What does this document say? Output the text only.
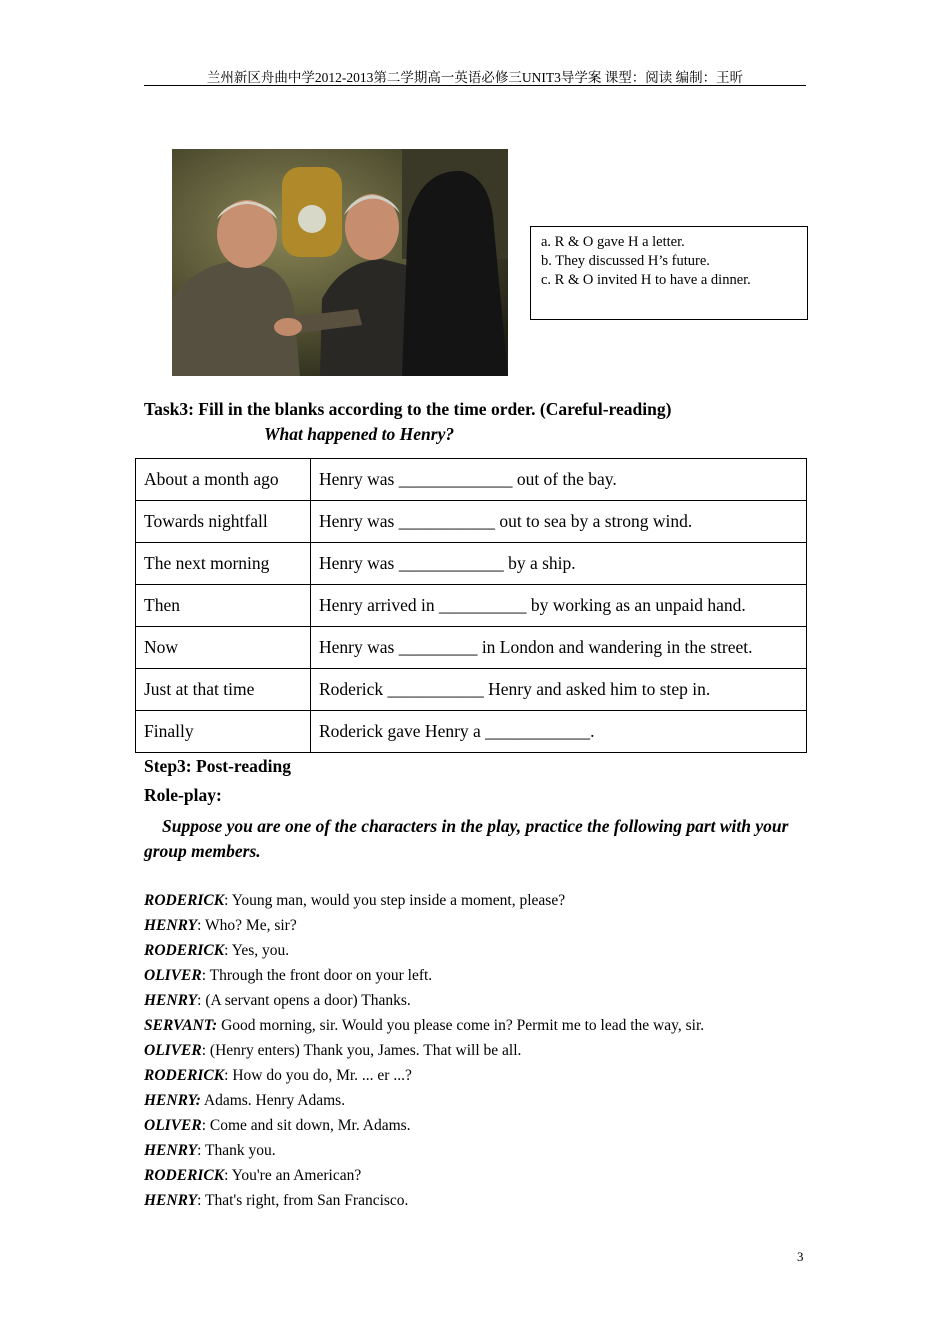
兰州新区舟曲中学2012-2013第二学期高一英语必修三UNIT3导学案 课型：阅读 编制：王昕
a. R & O gave H a letter.
b. They discussed H’s future.
c. R & O invited H to have a dinner.
Task3: Fill in the blanks according to the time order. (Careful-reading)
What happened to Henry?
About a month ago	Henry was _____________ out of the bay.
Towards nightfall	Henry was ___________ out to sea by a strong wind.
The next morning	Henry was ____________ by a ship.
Then	Henry arrived in __________ by working as an unpaid hand.
Now	Henry was _________ in London and wandering in the street.
Just at that time	Roderick ___________ Henry and asked him to step in.
Finally	Roderick gave Henry a ____________.
Step3: Post-reading
Role-play:
Suppose you are one of the characters in the play, practice the following part with your group members.
RODERICK: Young man, would you step inside a moment, please?
HENRY: Who? Me, sir?
RODERICK: Yes, you.
OLIVER: Through the front door on your left.
HENRY: (A servant opens a door) Thanks.
SERVANT: Good morning, sir. Would you please come in? Permit me to lead the way, sir.
OLIVER: (Henry enters) Thank you, James. That will be all.
RODERICK: How do you do, Mr. ... er ...?
HENRY: Adams. Henry Adams.
OLIVER: Come and sit down, Mr. Adams.
HENRY: Thank you.
RODERICK: You're an American?
HENRY: That's right, from San Francisco.
3
